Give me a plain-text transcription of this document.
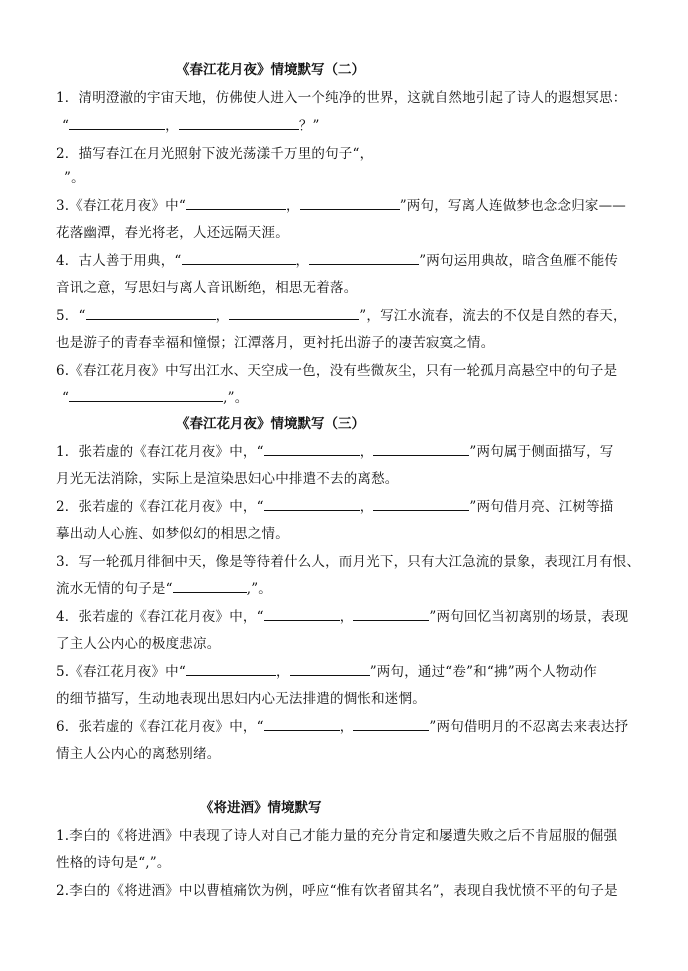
《春江花月夜》情境默写（二）
1．清明澄澈的宇宙天地，仿佛使人进入一个纯净的世界，这就自然地引起了诗人的遐想冥思：
“	，	？”
2．描写春江在月光照射下波光荡漾千万里的句子“，
”。
3.《春江花月夜》中“	，	”两句，写离人连做梦也念念归家——
花落幽潭，春光将老，人还远隔天涯。
4．古人善于用典，“	，	”两句运用典故，暗含鱼雁不能传
音讯之意，写思妇与离人音讯断绝，相思无着落。
5．“	，	”，写江水流春，流去的不仅是自然的春天，
也是游子的青春幸福和憧憬；江潭落月，更衬托出游子的凄苦寂寞之情。
6.《春江花月夜》中写出江水、天空成一色，没有些微灰尘，只有一轮孤月高悬空中的句子是
“	,”。
《春江花月夜》情境默写（三）
1．张若虚的《春江花月夜》中，“	，	”两句属于侧面描写，写
月光无法消除，实际上是渲染思妇心中排遣不去的离愁。
2．张若虚的《春江花月夜》中，“	，	”两句借月亮、江树等描
摹出动人心旌、如梦似幻的相思之情。
3．写一轮孤月徘徊中天，像是等待着什么人，而月光下，只有大江急流的景象，表现江月有恨、
流水无情的句子是“	,”。
4．张若虚的《春江花月夜》中，“	，	”两句回忆当初离别的场景，表现
了主人公内心的极度悲凉。
5.《春江花月夜》中“	，	”两句，通过“卷”和“拂”两个人物动作
的细节描写，生动地表现出思妇内心无法排遣的惆怅和迷惘。
6．张若虚的《春江花月夜》中，“	，	”两句借明月的不忍离去来表达抒
情主人公内心的离愁别绪。
《将进酒》情境默写
1.李白的《将进酒》中表现了诗人对自己才能力量的充分肯定和屡遭失败之后不肯屈服的倔强
性格的诗句是“,”。
2.李白的《将进酒》中以曹植痛饮为例，呼应“惟有饮者留其名”，表现自我忧愤不平的句子是
